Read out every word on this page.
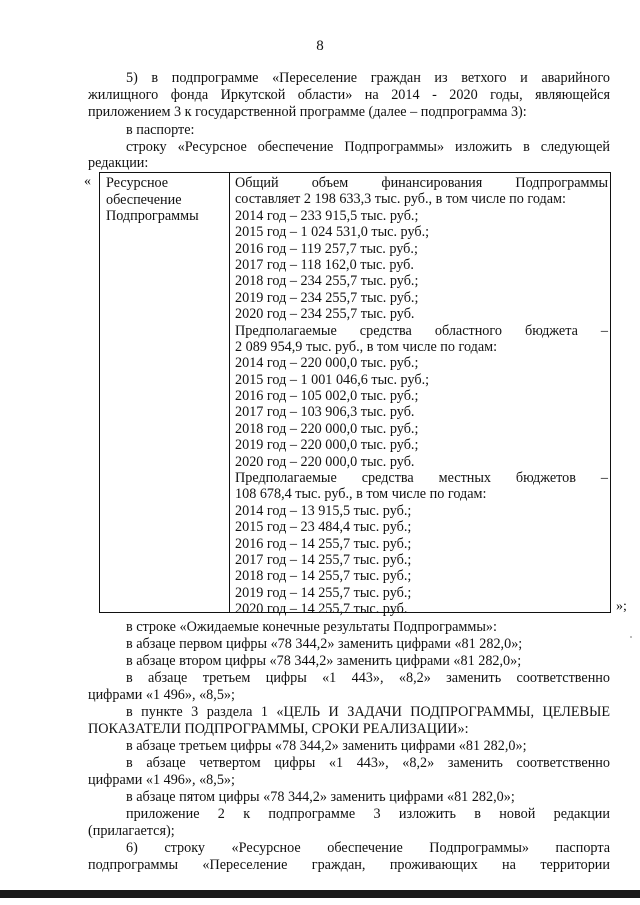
8
5) в подпрограмме «Переселение граждан из ветхого и аварийного
жилищного фонда Иркутской области» на 2014 - 2020 годы, являющейся
приложением 3 к государственной программе (далее – подпрограмма 3):
в паспорте:
строку «Ресурсное обеспечение Подпрограммы» изложить в следующей
редакции:
« Ресурсное
обеспечение
Подпрограммы
Общий объем финансирования Подпрограммы
составляет 2 198 633,3 тыс. руб., в том числе по годам:
2014 год – 233 915,5 тыс. руб.;
2015 год – 1 024 531,0 тыс. руб.;
2016 год – 119 257,7 тыс. руб.;
2017 год – 118 162,0 тыс. руб.
2018 год – 234 255,7 тыс. руб.;
2019 год – 234 255,7 тыс. руб.;
2020 год – 234 255,7 тыс. руб.
Предполагаемые средства областного бюджета –
2 089 954,9 тыс. руб., в том числе по годам:
2014 год – 220 000,0 тыс. руб.;
2015 год – 1 001 046,6 тыс. руб.;
2016 год – 105 002,0 тыс. руб.;
2017 год – 103 906,3 тыс. руб.
2018 год – 220 000,0 тыс. руб.;
2019 год – 220 000,0 тыс. руб.;
2020 год – 220 000,0 тыс. руб.
Предполагаемые средства местных бюджетов –
108 678,4 тыс. руб., в том числе по годам:
2014 год – 13 915,5 тыс. руб.;
2015 год – 23 484,4 тыс. руб.;
2016 год – 14 255,7 тыс. руб.;
2017 год – 14 255,7 тыс. руб.;
2018 год – 14 255,7 тыс. руб.;
2019 год – 14 255,7 тыс. руб.;
2020 год – 14 255,7 тыс. руб.	»;
в строке «Ожидаемые конечные результаты Подпрограммы»:
в абзаце первом цифры «78 344,2» заменить цифрами «81 282,0»;
в абзаце втором цифры «78 344,2» заменить цифрами «81 282,0»;
в абзаце третьем цифры «1 443», «8,2» заменить соответственно
цифрами «1 496», «8,5»;
в пункте 3 раздела 1 «ЦЕЛЬ И ЗАДАЧИ ПОДПРОГРАММЫ, ЦЕЛЕВЫЕ
ПОКАЗАТЕЛИ ПОДПРОГРАММЫ, СРОКИ РЕАЛИЗАЦИИ»:
в абзаце третьем цифры «78 344,2» заменить цифрами «81 282,0»;
в абзаце четвертом цифры «1 443», «8,2» заменить соответственно
цифрами «1 496», «8,5»;
в абзаце пятом цифры «78 344,2» заменить цифрами «81 282,0»;
приложение 2 к подпрограмме 3 изложить в новой редакции
(прилагается);
6) строку «Ресурсное обеспечение Подпрограммы» паспорта
подпрограммы «Переселение граждан, проживающих на территории
